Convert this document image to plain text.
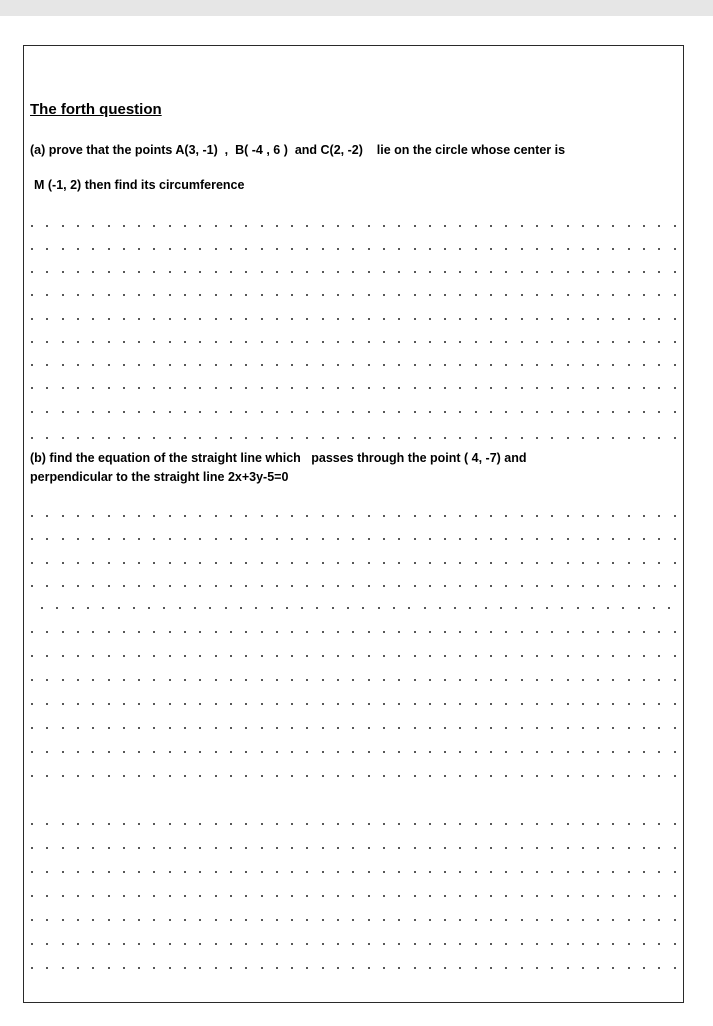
The forth question

(a) prove that the points A(3, -1)  ,  B( -4 , 6 )  and C(2, -2)    lie on the circle whose center is

M (-1, 2) then find its circumference

(b) find the equation of the straight line which   passes through the point ( 4, -7) and

perpendicular to the straight line 2x+3y-5=0
